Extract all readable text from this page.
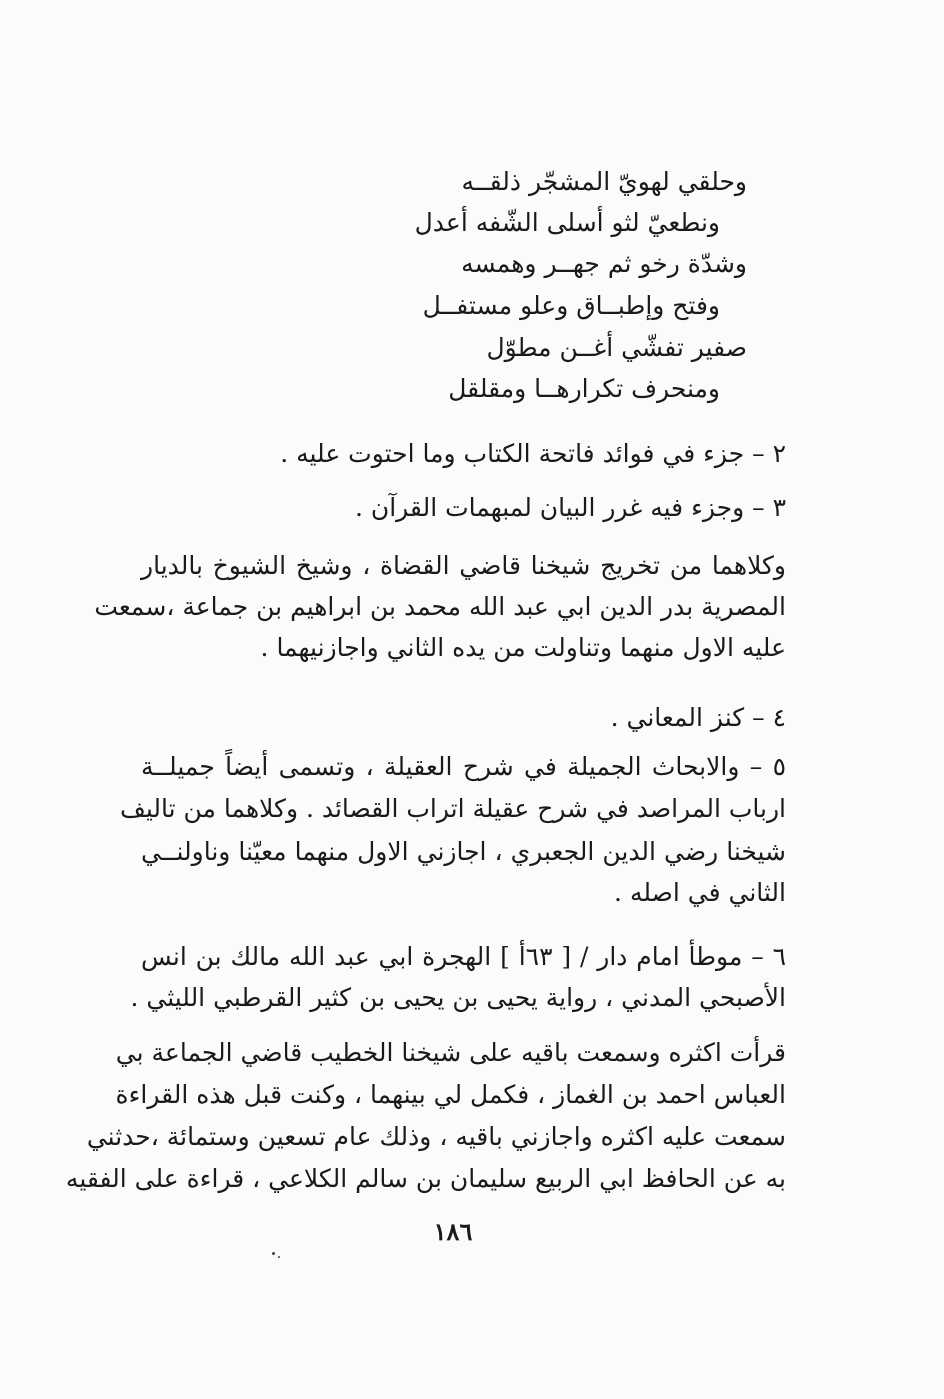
وحلقي لهويّ المشجّر ذلقــه
ونطعيّ لثو أسلى الشّفه أعدل
وشدّة رخو ثم جهــر وهمسه
وفتح وإطبــاق وعلو مستفــل
صفير تفشّي أغــن مطوّل
ومنحرف تكرارهــا ومقلقل
٢ – جزء في فوائد فاتحة الكتاب وما احتوت عليه .
٣ – وجزء فيه غرر البيان لمبهمات القرآن .
وكلاهما من تخريج شيخنا قاضي القضاة ، وشيخ الشيوخ بالديار
المصرية بدر الدين ابي عبد الله محمد بن ابراهيم بن جماعة ،سمعت
عليه الاول منهما وتناولت من يده الثاني واجازنيهما .
٤ – كنز المعاني .
٥ – والابحاث الجميلة في شرح العقيلة ، وتسمى أيضاً جميلــة
ارباب المراصد في شرح عقيلة اتراب القصائد . وكلاهما من تاليف
شيخنا رضي الدين الجعبري ، اجازني الاول منهما معيّنا وناولنــي
الثاني في اصله .
٦ – موطأ امام دار / [ ٦٣أ ] الهجرة ابي عبد الله مالك بن انس
الأصبحي المدني ، رواية يحيى بن يحيى بن كثير القرطبي الليثي .
قرأت اكثره وسمعت باقيه على شيخنا الخطيب قاضي الجماعة بي
العباس احمد بن الغماز ، فكمل لي بينهما ، وكنت قبل هذه القراءة
سمعت عليه اكثره واجازني باقيه ، وذلك عام تسعين وستمائة ،حدثني
به عن الحافظ ابي الربيع سليمان بن سالم الكلاعي ، قراءة على الفقيه
١٨٦
